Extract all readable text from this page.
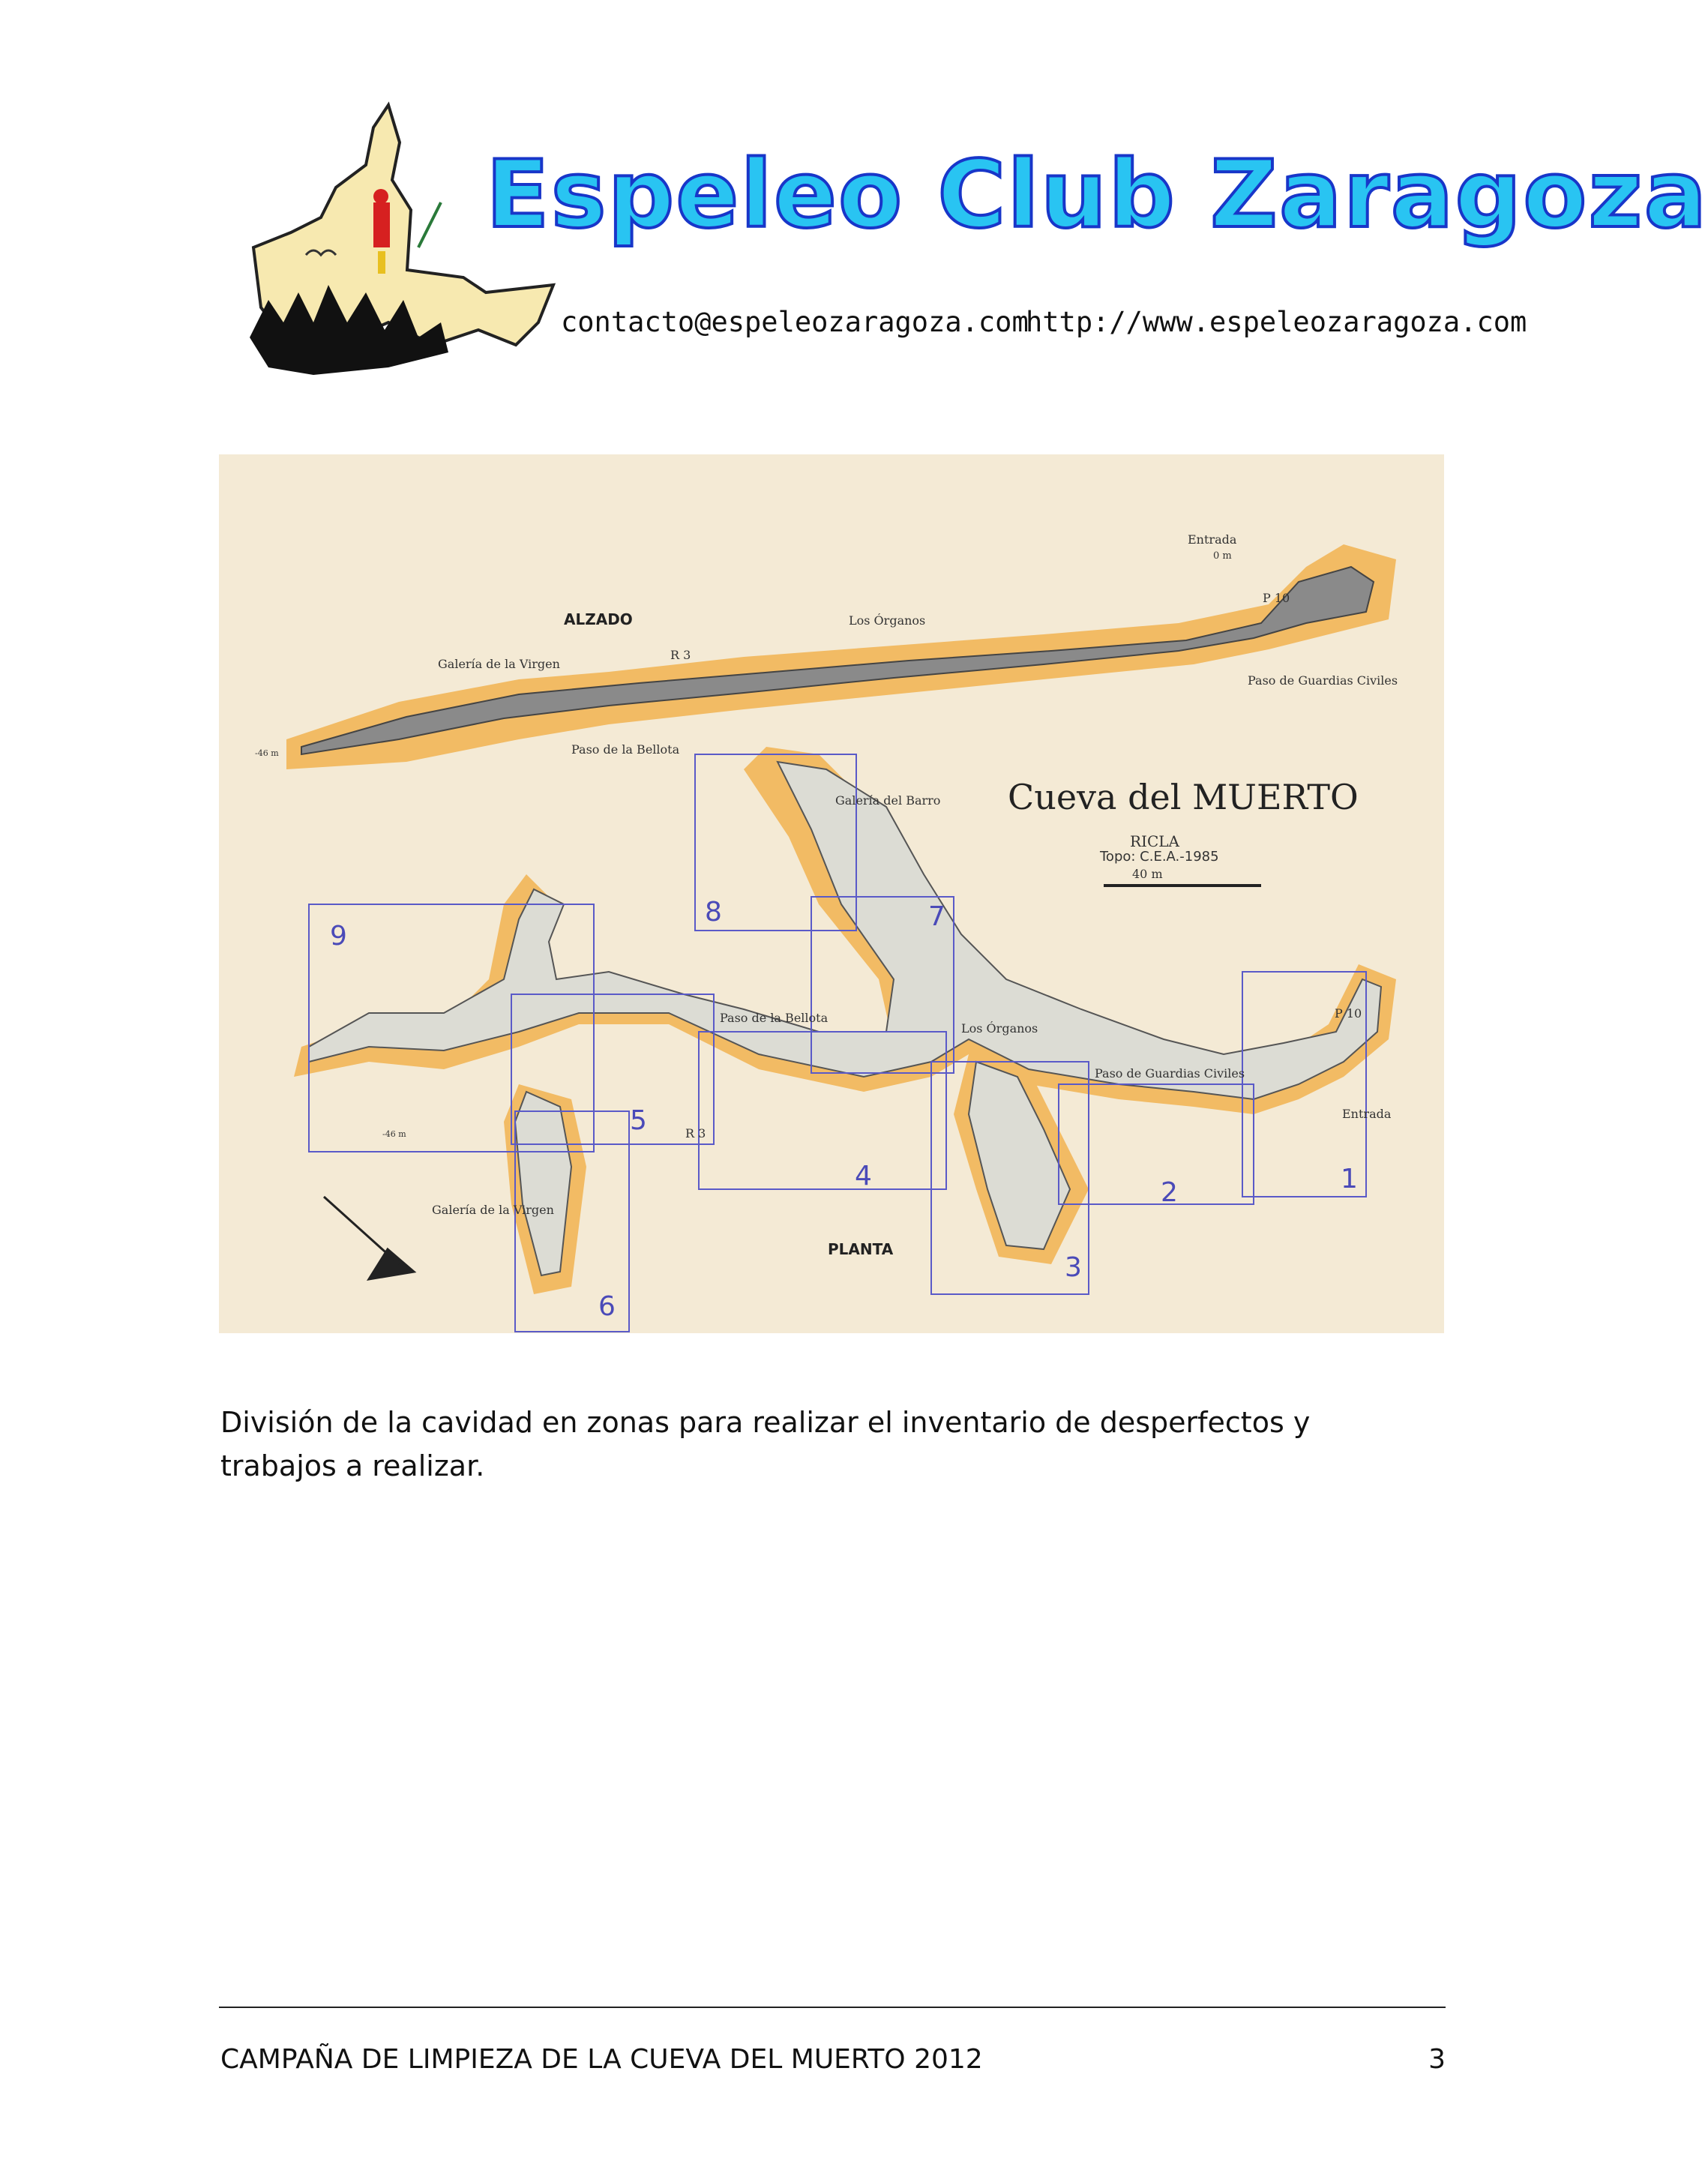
Espeleo Club Zaragoza
contacto@espeleozaragoza.com
http://www.espeleozaragoza.com
Cueva del MUERTO
RICLA
Topo: C.E.A.-1985
40 m
ALZADO
PLANTA
Entrada
0 m
P 10
Los Órganos
Galería de la Virgen
R 3
Paso de Guardias Civiles
Paso de la Bellota
-46 m
Galería del Barro
Paso de la Bellota
Los Órganos
Paso de Guardias Civiles
P 10
Entrada
-46 m	R 3
Galería de la Virgen
1
2
3
4
5
6
7
8
9
División de la cavidad en zonas para realizar el inventario de desperfectos y trabajos a realizar.
CAMPAÑA DE LIMPIEZA DE LA CUEVA DEL MUERTO 2012	3
